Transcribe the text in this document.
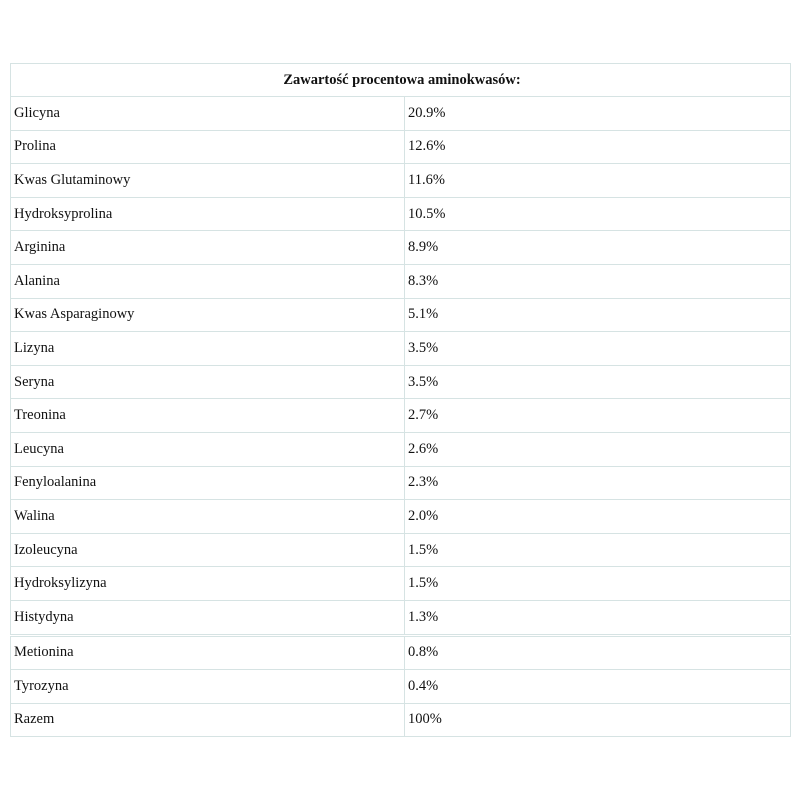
Zawartość procentowa aminokwasów:	
Glicyna	20.9%
Prolina	12.6%
Kwas Glutaminowy	11.6%
Hydroksyprolina	10.5%
Arginina	8.9%
Alanina	8.3%
Kwas Asparaginowy	5.1%
Lizyna	3.5%
Seryna	3.5%
Treonina	2.7%
Leucyna	2.6%
Fenyloalanina	2.3%
Walina	2.0%
Izoleucyna	1.5%
Hydroksylizyna	1.5%
Histydyna	1.3%
Metionina	0.8%
Tyrozyna	0.4%
Razem	100%
